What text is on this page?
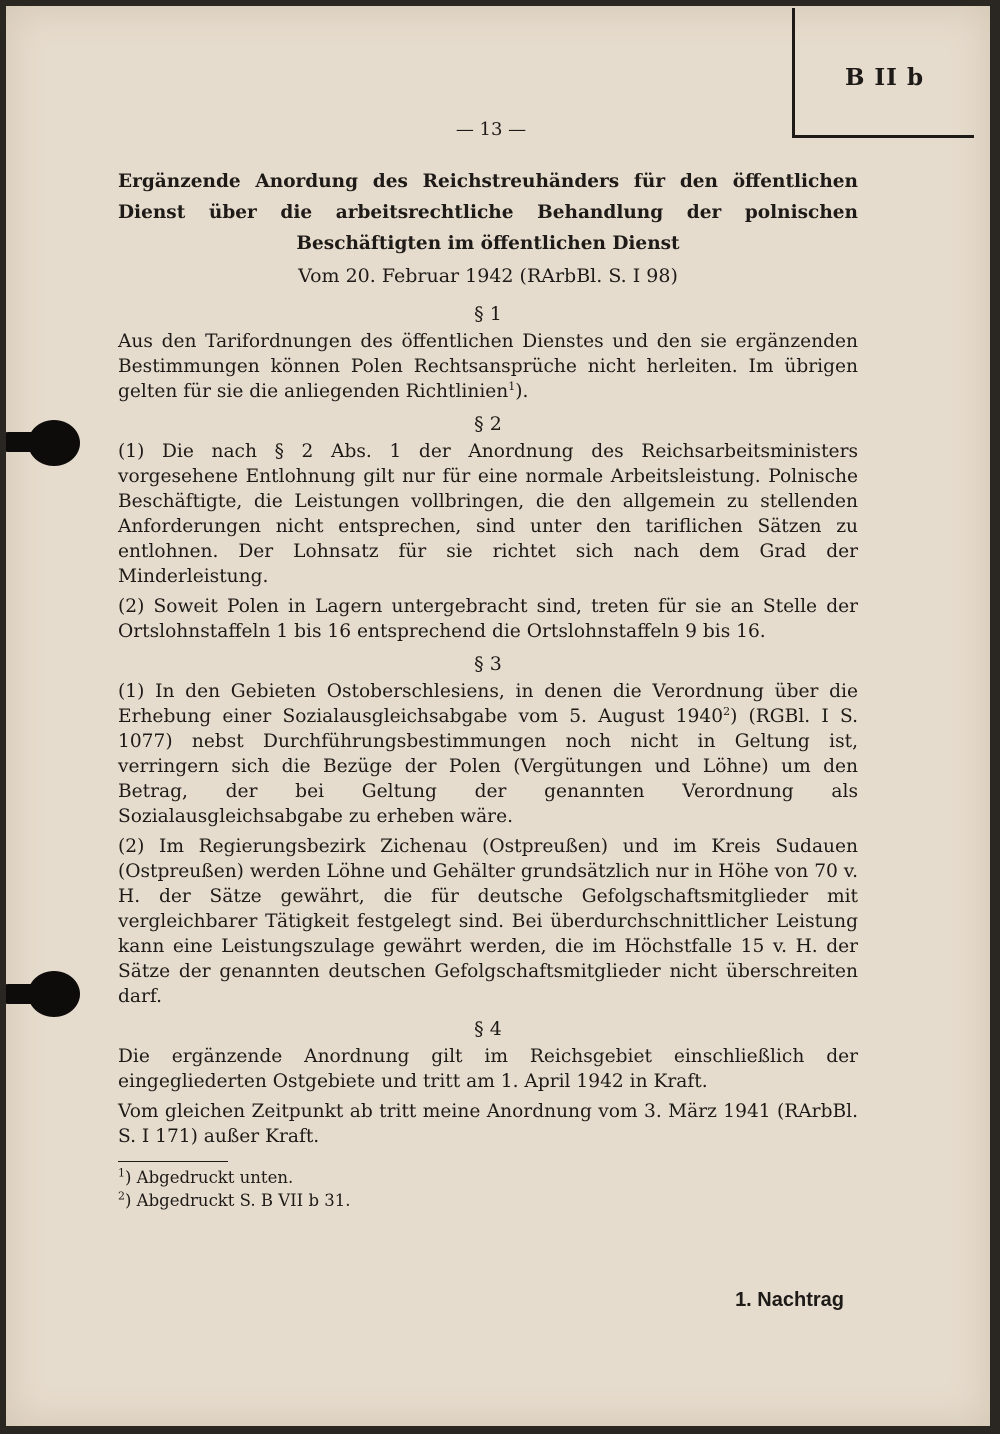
B II b
— 13 —

Ergänzende Anordung des Reichstreuhänders für den öffentlichen Dienst über die arbeitsrechtliche Behandlung der polnischen Beschäftigten im öffentlichen Dienst

Vom 20. Februar 1942 (RArbBl. S. I 98)
§ 1

Aus den Tarifordnungen des öffentlichen Dienstes und den sie ergänzenden Bestimmungen können Polen Rechtsansprüche nicht herleiten. Im übrigen gelten für sie die anliegenden Richtlinien$^1$).

§ 2

(1) Die nach § 2 Abs. 1 der Anordnung des Reichsarbeitsministers vorgesehene Entlohnung gilt nur für eine normale Arbeitsleistung. Polnische Beschäftigte, die Leistungen vollbringen, die den allgemein zu stellenden Anforderungen nicht entsprechen, sind unter den tariflichen Sätzen zu entlohnen. Der Lohnsatz für sie richtet sich nach dem Grad der Minderleistung.

(2) Soweit Polen in Lagern untergebracht sind, treten für sie an Stelle der Ortslohnstaffeln 1 bis 16 entsprechend die Ortslohnstaffeln 9 bis 16.

§ 3

(1) In den Gebieten Ostoberschlesiens, in denen die Verordnung über die Erhebung einer Sozialausgleichsabgabe vom 5. August 1940$^2$) (RGBl. I S. 1077) nebst Durchführungsbestimmungen noch nicht in Geltung ist, verringern sich die Bezüge der Polen (Vergütungen und Löhne) um den Betrag, der bei Geltung der genannten Verordnung als Sozialausgleichsabgabe zu erheben wäre.

(2) Im Regierungsbezirk Zichenau (Ostpreußen) und im Kreis Sudauen (Ostpreußen) werden Löhne und Gehälter grundsätzlich nur in Höhe von 70 v. H. der Sätze gewährt, die für deutsche Gefolgschaftsmitglieder mit vergleichbarer Tätigkeit festgelegt sind. Bei überdurchschnittlicher Leistung kann eine Leistungszulage gewährt werden, die im Höchstfalle 15 v. H. der Sätze der genannten deutschen Gefolgschaftsmitglieder nicht überschreiten darf.

§ 4

Die ergänzende Anordnung gilt im Reichsgebiet einschließlich der eingegliederten Ostgebiete und tritt am 1. April 1942 in Kraft.

Vom gleichen Zeitpunkt ab tritt meine Anordnung vom 3. März 1941 (RArbBl. S. I 171) außer Kraft.

$^1$) Abgedruckt unten.

$^2$) Abgedruckt S. B VII b 31.

1. Nachtrag
